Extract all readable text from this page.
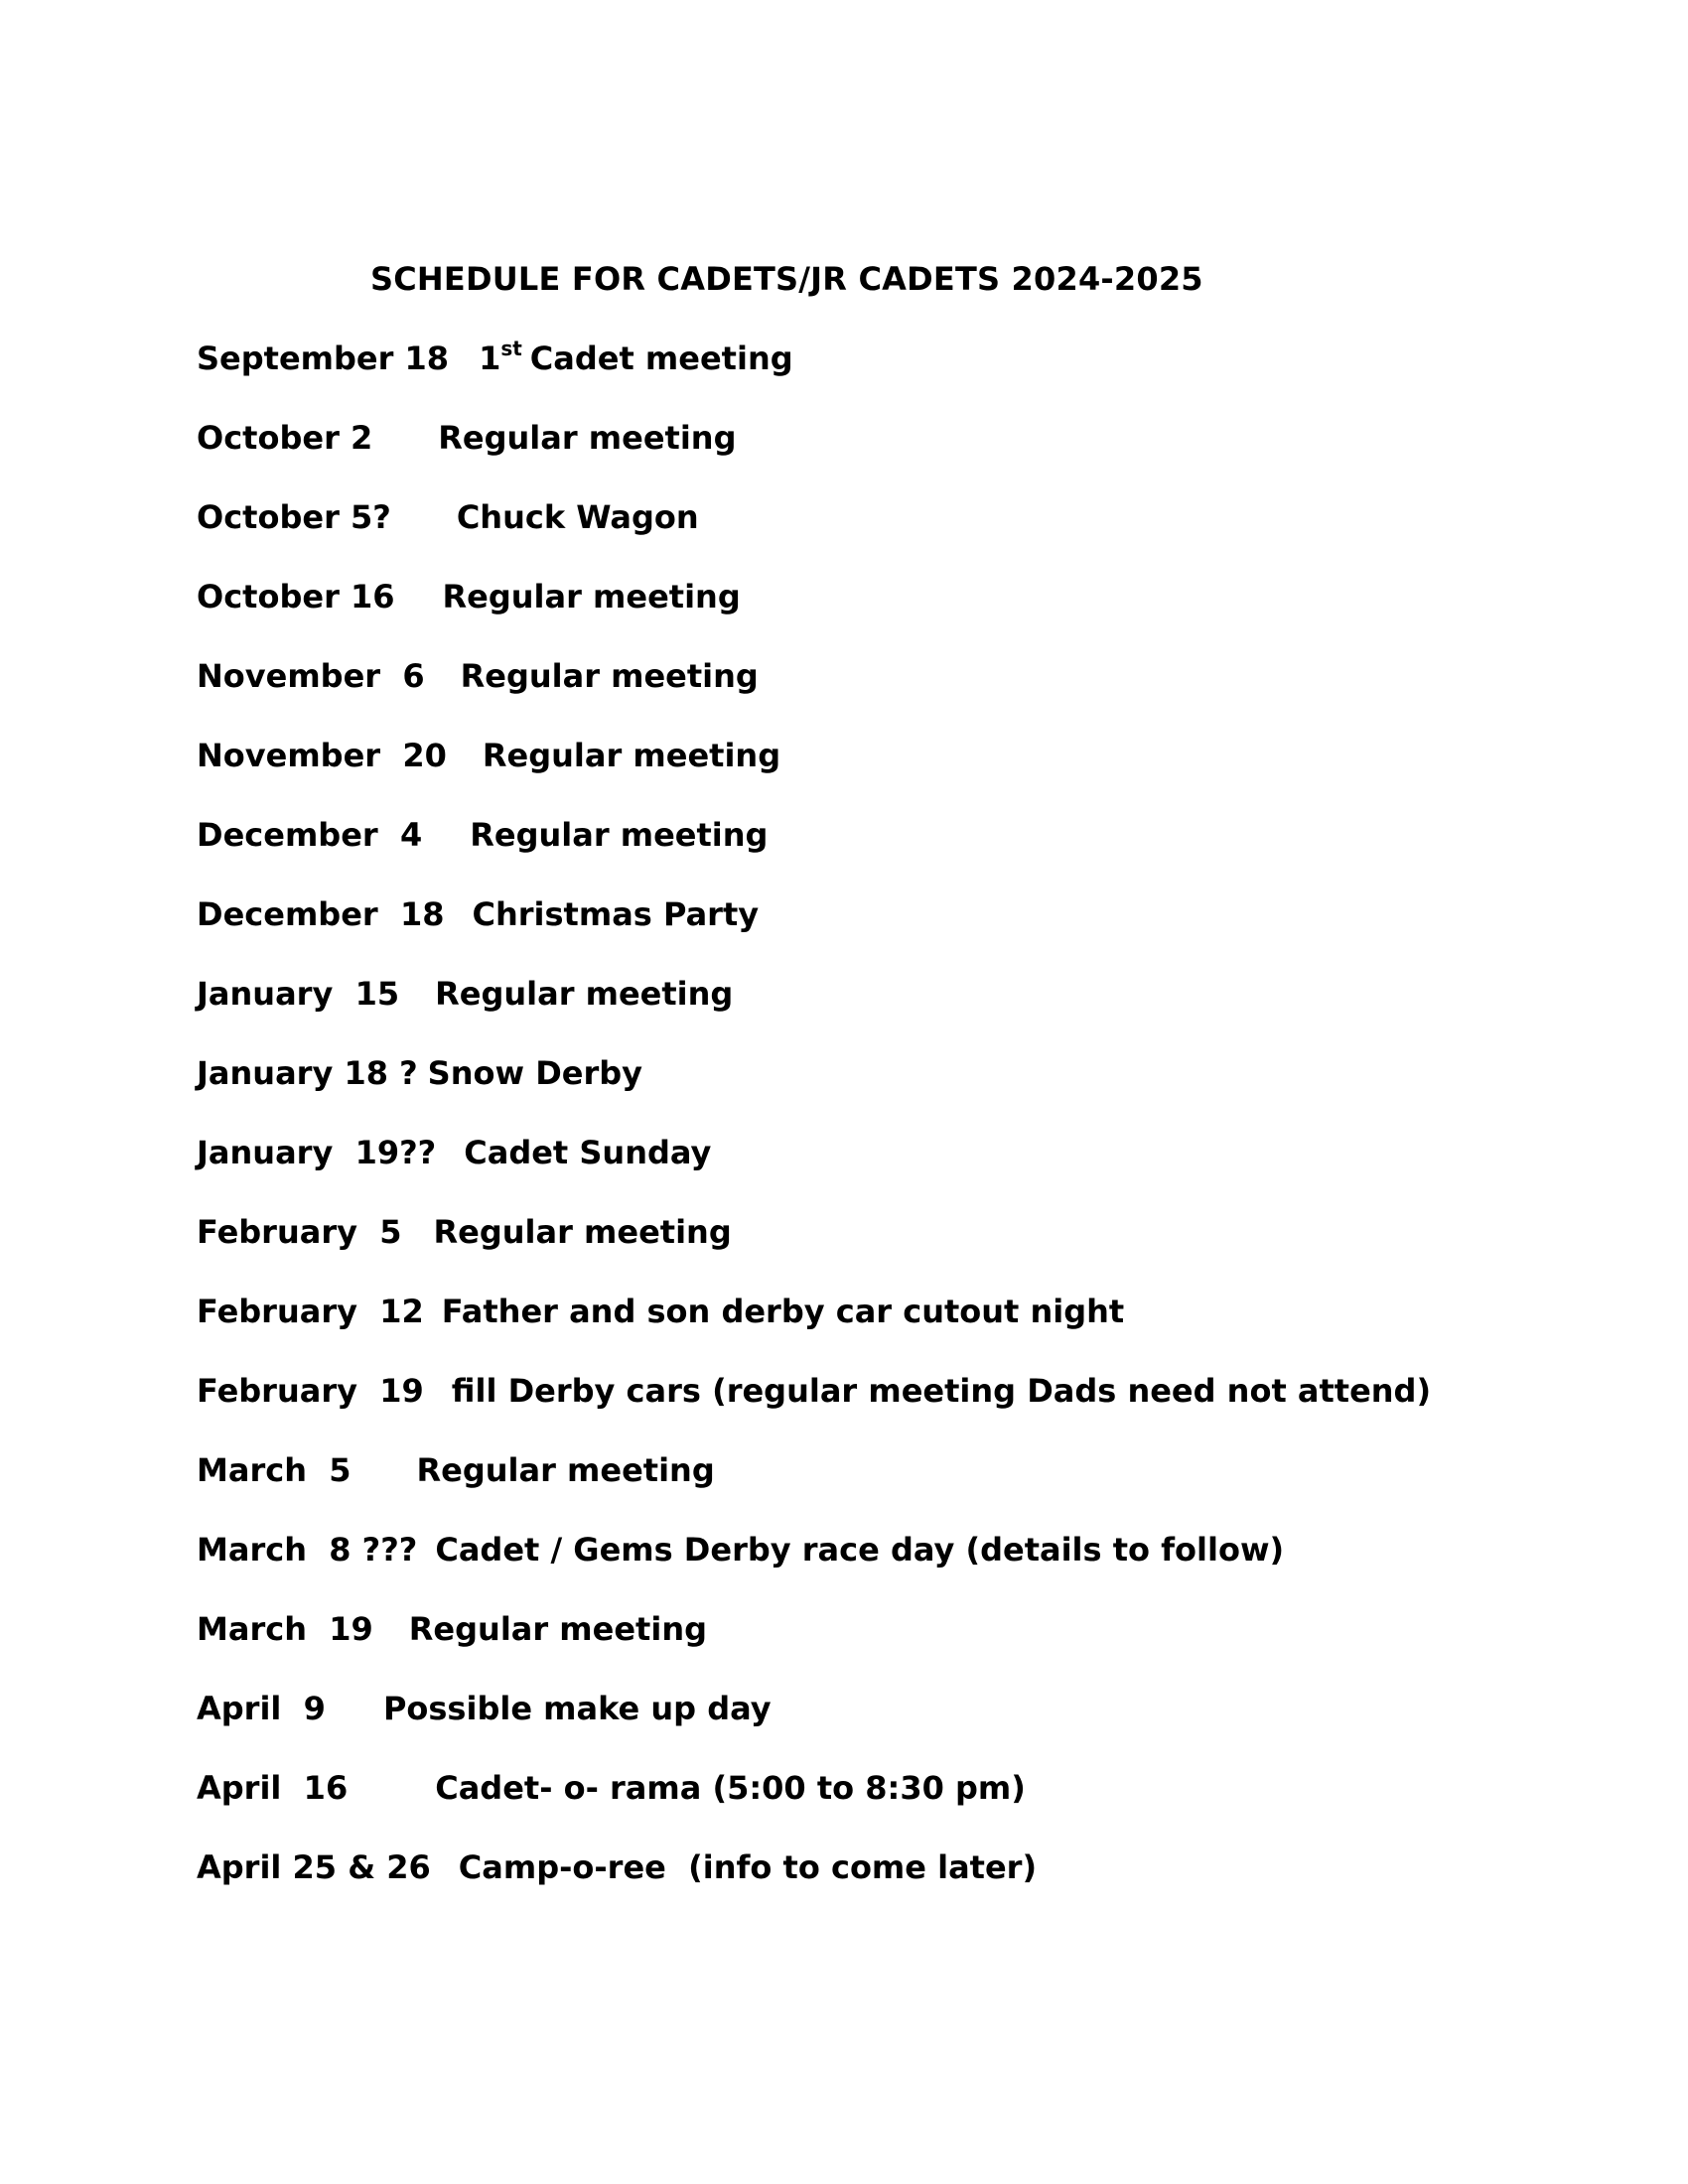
SCHEDULE FOR CADETS/JR CADETS 2024-2025
September 18 1st Cadet meeting
October 2 Regular meeting
October 5? Chuck Wagon
October 16 Regular meeting
November  6 Regular meeting
November  20 Regular meeting
December  4 Regular meeting
December  18 Christmas Party
January  15 Regular meeting
January 18 ? Snow Derby
January  19?? Cadet Sunday
February  5 Regular meeting
February  12 Father and son derby car cutout night
February  19 fill Derby cars (regular meeting Dads need not attend)
March  5 Regular meeting
March  8 ??? Cadet / Gems Derby race day (details to follow)
March  19 Regular meeting
April  9 Possible make up day
April  16	Cadet- o- rama (5:00 to 8:30 pm)
April 25 & 26 Camp-o-ree  (info to come later)
